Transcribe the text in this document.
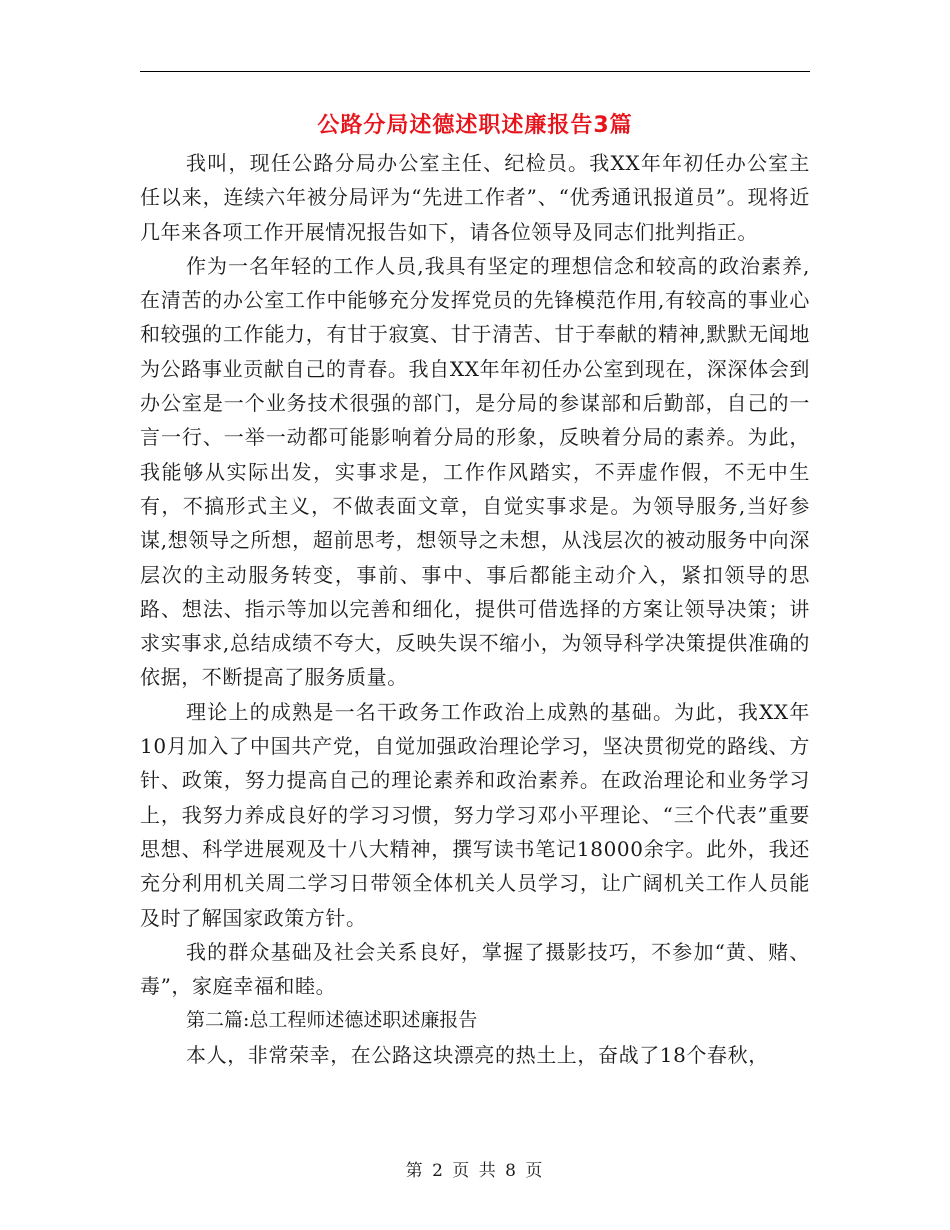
公路分局述德述职述廉报告3篇

我叫，现任公路分局办公室主任、纪检员。我XX年年初任办公室主任以来，连续六年被分局评为“先进工作者”、“优秀通讯报道员”。现将近几年来各项工作开展情况报告如下，请各位领导及同志们批判指正。

作为一名年轻的工作人员,我具有坚定的理想信念和较高的政治素养,在清苦的办公室工作中能够充分发挥党员的先锋模范作用,有较高的事业心和较强的工作能力，有甘于寂寞、甘于清苦、甘于奉献的精神,默默无闻地为公路事业贡献自己的青春。我自XX年年初任办公室到现在，深深体会到办公室是一个业务技术很强的部门，是分局的参谋部和后勤部，自己的一言一行、一举一动都可能影响着分局的形象，反映着分局的素养。为此，我能够从实际出发，实事求是，工作作风踏实，不弄虚作假，不无中生有，不搞形式主义，不做表面文章，自觉实事求是。为领导服务,当好参谋,想领导之所想，超前思考，想领导之未想，从浅层次的被动服务中向深层次的主动服务转变，事前、事中、事后都能主动介入，紧扣领导的思路、想法、指示等加以完善和细化，提供可借选择的方案让领导决策；讲求实事求,总结成绩不夸大，反映失误不缩小，为领导科学决策提供准确的依据，不断提高了服务质量。

理论上的成熟是一名干政务工作政治上成熟的基础。为此，我XX年10月加入了中国共产党，自觉加强政治理论学习，坚决贯彻党的路线、方针、政策，努力提高自己的理论素养和政治素养。在政治理论和业务学习上，我努力养成良好的学习习惯，努力学习邓小平理论、“三个代表”重要思想、科学进展观及十八大精神，撰写读书笔记18000余字。此外，我还充分利用机关周二学习日带领全体机关人员学习，让广阔机关工作人员能及时了解国家政策方针。

我的群众基础及社会关系良好，掌握了摄影技巧，不参加“黄、赌、毒”，家庭幸福和睦。

第二篇:总工程师述德述职述廉报告

本人，非常荣幸，在公路这块漂亮的热土上，奋战了18个春秋，

第 2 页 共 8 页
